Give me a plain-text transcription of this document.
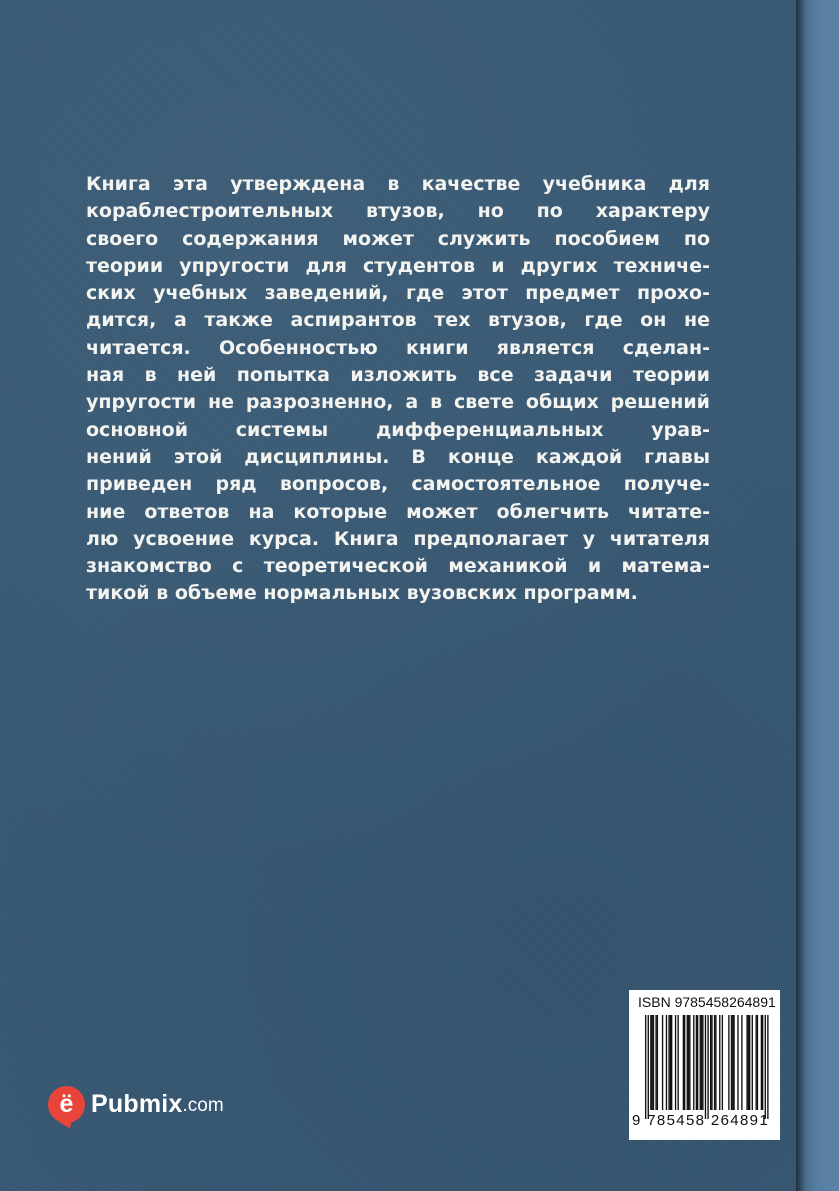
Книга эта утверждена в качестве учебника для
кораблестроительных втузов, но по характеру
своего содержания может служить пособием по
теории упругости для студентов и других техниче-
ских учебных заведений, где этот предмет прохо-
дится, а также аспирантов тех втузов, где он не
читается. Особенностью книги является сделан-
ная в ней попытка изложить все задачи теории
упругости не разрозненно, а в свете общих решений
основной системы дифференциальных урав-
нений этой дисциплины. В конце каждой главы
приведен ряд вопросов, самостоятельное получе-
ние ответов на которые может облегчить читате-
лю усвоение курса. Книга предполагает у читателя
знакомство с теоретической механикой и матема-
тикой в объеме нормальных вузовских программ.
ё Pubmix .com
ISBN 9785458264891
9 785458 264891
